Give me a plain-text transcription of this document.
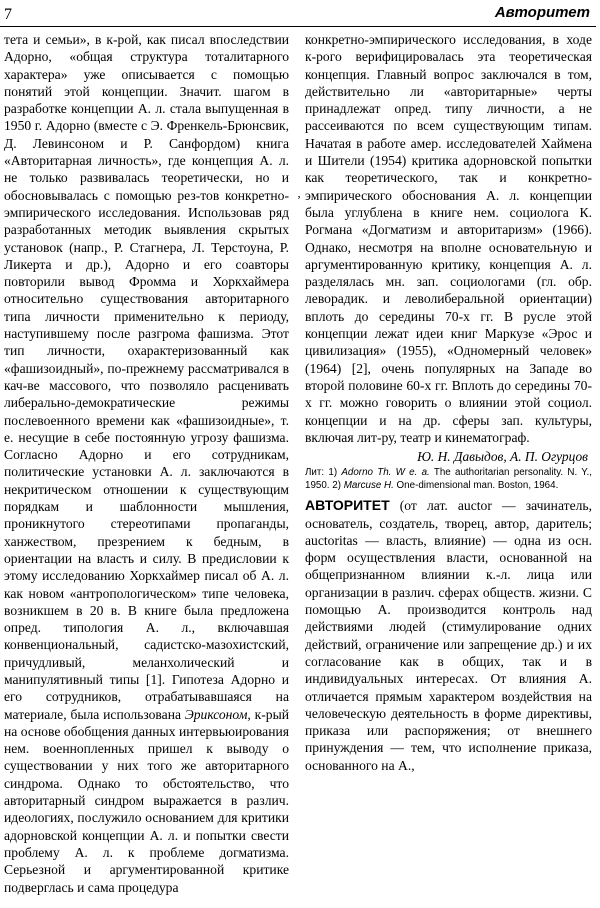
7	Авторитет
‚

тета и семьи», в к-рой, как писал впоследствии Адорно, «общая структура тоталитарного характера» уже описывается с помощью понятий этой концепции. Значит. шагом в разработке концепции А. л. стала выпущенная в 1950 г. Адорно (вместе с Э. Френкель-Брюнсвик, Д. Левинсоном и Р. Санфордом) книга «Авторитарная личность», где концепция А. л. не только развивалась теоретически, но и обосновывалась с помощью рез-тов конкретно-эмпирического исследования. Использовав ряд разработанных методик выявления скрытых установок (напр., Р. Стагнера, Л. Терстоуна, Р. Ликерта и др.), Адорно и его соавторы повторили вывод Фромма и Хоркхаймера относительно существования авторитарного типа личности применительно к периоду, наступившему после разгрома фашизма. Этот тип личности, охарактеризованный как «фашизоидный», по-прежнему рассматривался в кач-ве массового, что позволяло расценивать либерально-демократические режимы послевоенного времени как «фашизоидные», т. е. несущие в себе постоянную угрозу фашизма. Согласно Адорно и его сотрудникам, политические установки А. л. заключаются в некритическом отношении к существующим порядкам и шаблонности мышления, проникнутого стереотипами пропаганды, ханжеством, презрением к бедным, в ориентации на власть и силу. В предисловии к этому исследованию Хоркхаймер писал об А. л. как новом «антропологическом» типе человека, возникшем в 20 в. В книге была предложена опред. типология А. л., включавшая конвенциональный, садистско-мазохистский, причудливый, меланхолический и манипулятивный типы [1]. Гипотеза Адорно и его сотрудников, отрабатывавшаяся на материале, была использована Эриксоном, к-рый на основе обобщения данных интервьюирования нем. военнопленных пришел к выводу о существовании у них того же авторитарного синдрома. Однако то обстоятельство, что авторитарный синдром выражается в различ. идеологиях, послужило основанием для критики адорновской концепции А. л. и попытки свести проблему А. л. к проблеме догматизма. Серьезной и аргументированной критике подверглась и сама процедура

Ю. Н. Давыдов, А. П. Огурцов

Лит: 1) Adorno Th. W e. a. The authoritarian personality. N. Y., 1950. 2) Marcuse H. One-dimensional man. Boston, 1964.

АВТОРИТЕТ (от лат. auctor — зачинатель, основатель, создатель, творец, автор, даритель; auctoritas — власть, влияние) — одна из осн. форм осуществления власти, основанной на общепризнанном влиянии к.-л. лица или организации в различ. сферах обществ. жизни. С помощью А. производится контроль над действиями людей (стимулирование одних действий, ограничение или запрещение др.) и их согласование как в общих, так и в индивидуальных интересах. От влияния А. отличается прямым характером воздействия на человеческую деятельность в форме директивы, приказа или распоряжения; от внешнего принуждения — тем, что исполнение приказа, основанного на А.,

конкретно-эмпирического исследования, в ходе к-рого верифицировалась эта теоретическая концепция. Главный вопрос заключался в том, действительно ли «авторитарные» черты принадлежат опред. типу личности, а не рассеиваются по всем существующим типам. Начатая в работе амер. исследователей Хаймена и Шители (1954) критика адорновской попытки как теоретического, так и конкретно-эмпирического обоснования А. л. концепции была углублена в книге нем. социолога К. Рогмана «Догматизм и авторитаризм» (1966). Однако, несмотря на вполне основательную и аргументированную критику, концепция А. л. разделялась мн. зап. социологами (гл. обр. леворадик. и леволиберальной ориентации) вплоть до середины 70-х гг. В русле этой концепции лежат идеи книг Маркузе «Эрос и цивилизация» (1955), «Одномерный человек» (1964) [2], очень популярных на Западе во второй половине 60-х гг. Вплоть до середины 70-х гг. можно говорить о влиянии этой социол. концепции и на др. сферы зап. культуры, включая лит-ру, театр и кинематограф.
